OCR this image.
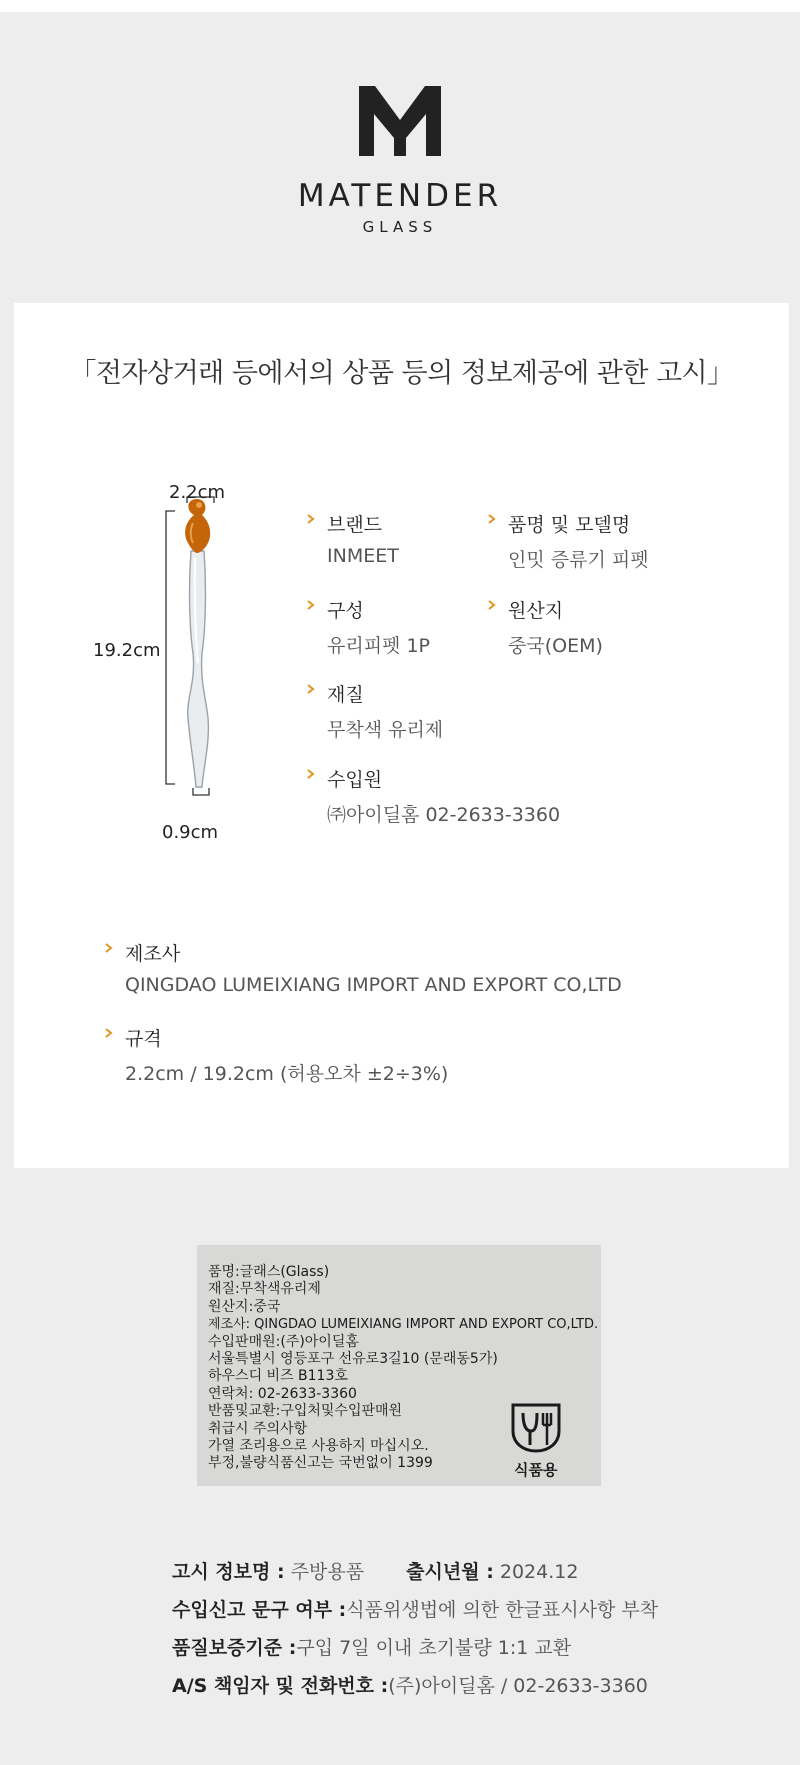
MATENDER
GLASS
「전자상거래 등에서의 상품 등의 정보제공에 관한 고시」
2.2cm
19.2cm
0.9cm
브랜드
INMEET
품명 및 모델명
인밋 증류기 피펫
구성
유리피펫 1P
원산지
중국(OEM)
재질
무착색 유리제
수입원
㈜아이딜홈 02-2633-3360
제조사
QINGDAO LUMEIXIANG IMPORT AND EXPORT CO,LTD
규격
2.2cm / 19.2cm (허용오차 ±2÷3%)
품명:글래스(Glass)
재질:무착색유리제
원산지:중국
제조사: QINGDAO LUMEIXIANG IMPORT AND EXPORT CO,LTD.
수입판매원:(주)아이딜홈
서울특별시 영등포구 선유로3길10 (문래동5가)
하우스디 비즈 B113호
연락처: 02-2633-3360
반품및교환:구입처및수입판매원
취급시 주의사항
가열 조리용으로 사용하지 마십시오.
부정,불량식품신고는 국번없이 1399	식품용
고시 정보명 : 주방용품 출시년월 : 2024.12
수입신고 문구 여부 :식품위생법에 의한 한글표시사항 부착
품질보증기준 :구입 7일 이내 초기불량 1:1 교환
A/S 책임자 및 전화번호 :(주)아이딜홈 / 02-2633-3360
